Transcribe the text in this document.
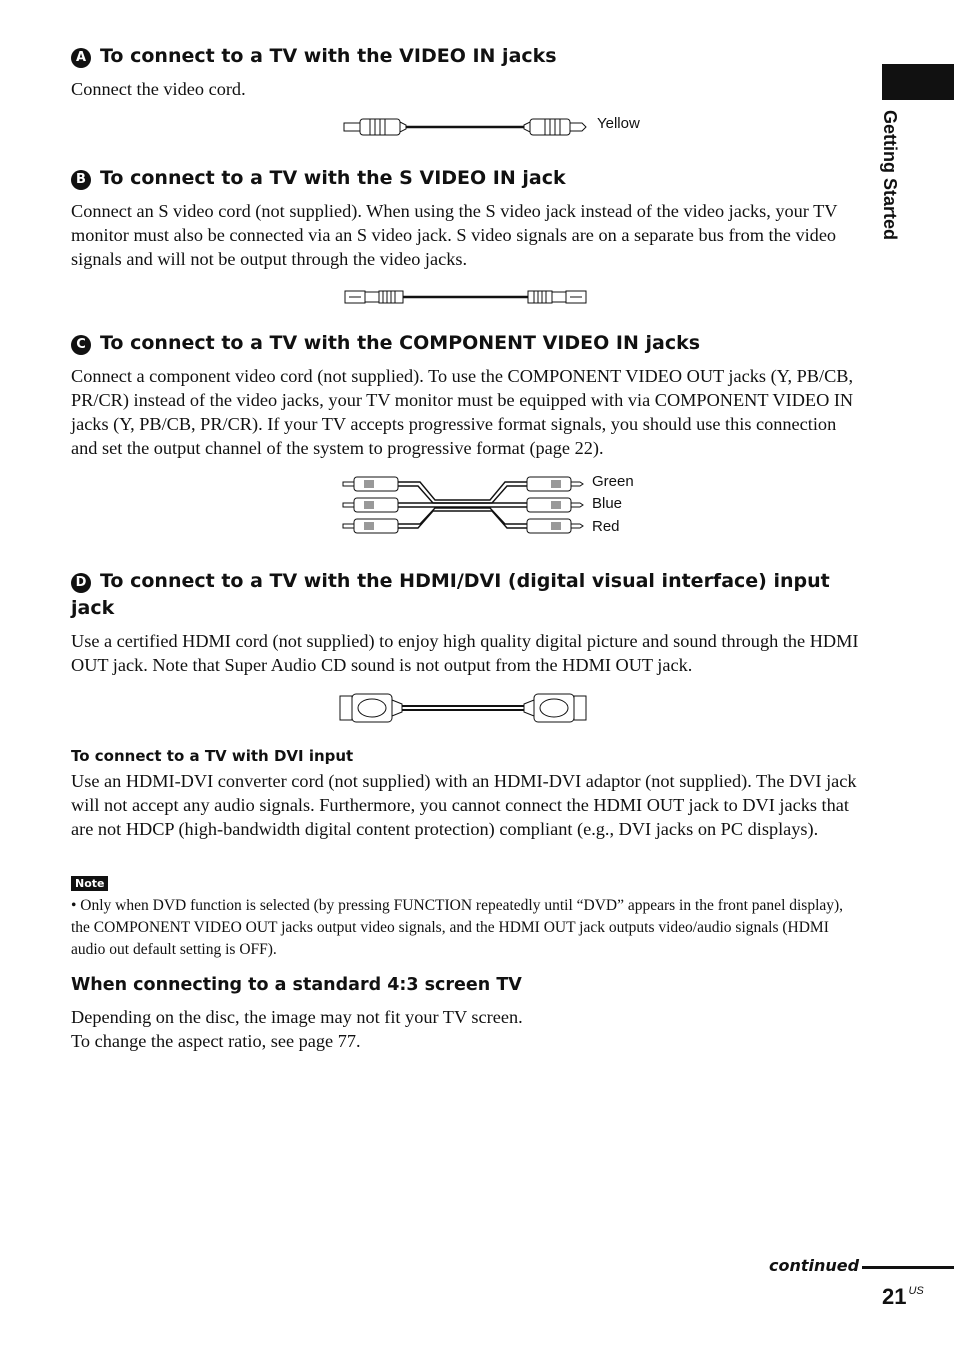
Getting Started
A To connect to a TV with the VIDEO IN jacks
Connect the video cord.
Yellow
B To connect to a TV with the S VIDEO IN jack
Connect an S video cord (not supplied). When using the S video jack instead of the video jacks, your TV monitor must also be connected via an S video jack. S video signals are on a separate bus from the video signals and will not be output through the video jacks.
C To connect to a TV with the COMPONENT VIDEO IN jacks
Connect a component video cord (not supplied). To use the COMPONENT VIDEO OUT jacks (Y, PB/CB, PR/CR) instead of the video jacks, your TV monitor must be equipped with via COMPONENT VIDEO IN jacks (Y, PB/CB, PR/CR). If your TV accepts progressive format signals, you should use this connection and set the output channel of the system to progressive format (page 22).
Green
Blue
Red
D To connect to a TV with the HDMI/DVI (digital visual interface) input jack
Use a certified HDMI cord (not supplied) to enjoy high quality digital picture and sound through the HDMI OUT jack. Note that Super Audio CD sound is not output from the HDMI OUT jack.
To connect to a TV with DVI input
Use an HDMI-DVI converter cord (not supplied) with an HDMI-DVI adaptor (not supplied). The DVI jack will not accept any audio signals. Furthermore, you cannot connect the HDMI OUT jack to DVI jacks that are not HDCP (high-bandwidth digital content protection) compliant (e.g., DVI jacks on PC displays).
Note
• Only when DVD function is selected (by pressing FUNCTION repeatedly until “DVD” appears in the front panel display), the COMPONENT VIDEO OUT jacks output video signals, and the HDMI OUT jack outputs video/audio signals (HDMI audio out default setting is OFF).
When connecting to a standard 4:3 screen TV
Depending on the disc, the image may not fit your TV screen.
To change the aspect ratio, see page 77.
continued
21 $^{US}$
